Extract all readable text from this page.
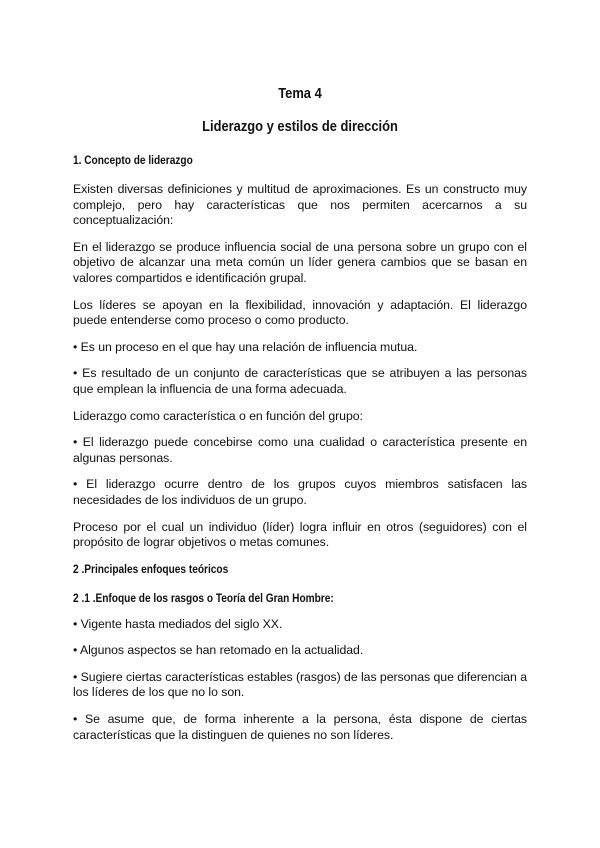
Tema 4
Liderazgo y estilos de dirección
1. Concepto de liderazgo

Existen diversas definiciones y multitud de aproximaciones. Es un constructo muy complejo, pero hay características que nos permiten acercarnos a su conceptualización:

En el liderazgo se produce influencia social de una persona sobre un grupo con el objetivo de alcanzar una meta común un líder genera cambios que se basan en valores compartidos e identificación grupal.

Los líderes se apoyan en la flexibilidad, innovación y adaptación. El liderazgo puede entenderse como proceso o como producto.

• Es un proceso en el que hay una relación de influencia mutua.

• Es resultado de un conjunto de características que se atribuyen a las personas que emplean la influencia de una forma adecuada.

Liderazgo como característica o en función del grupo:

• El liderazgo puede concebirse como una cualidad o característica presente en algunas personas.

• El liderazgo ocurre dentro de los grupos cuyos miembros satisfacen las necesidades de los individuos de un grupo.

Proceso por el cual un individuo (líder) logra influir en otros (seguidores) con el propósito de lograr objetivos o metas comunes.

2 .Principales enfoques teóricos
2 .1 .Enfoque de los rasgos o Teoría del Gran Hombre:

• Vigente hasta mediados del siglo XX.

• Algunos aspectos se han retomado en la actualidad.

• Sugiere ciertas características estables (rasgos) de las personas que diferencian a los líderes de los que no lo son.

• Se asume que, de forma inherente a la persona, ésta dispone de ciertas características que la distinguen de quienes no son líderes.
